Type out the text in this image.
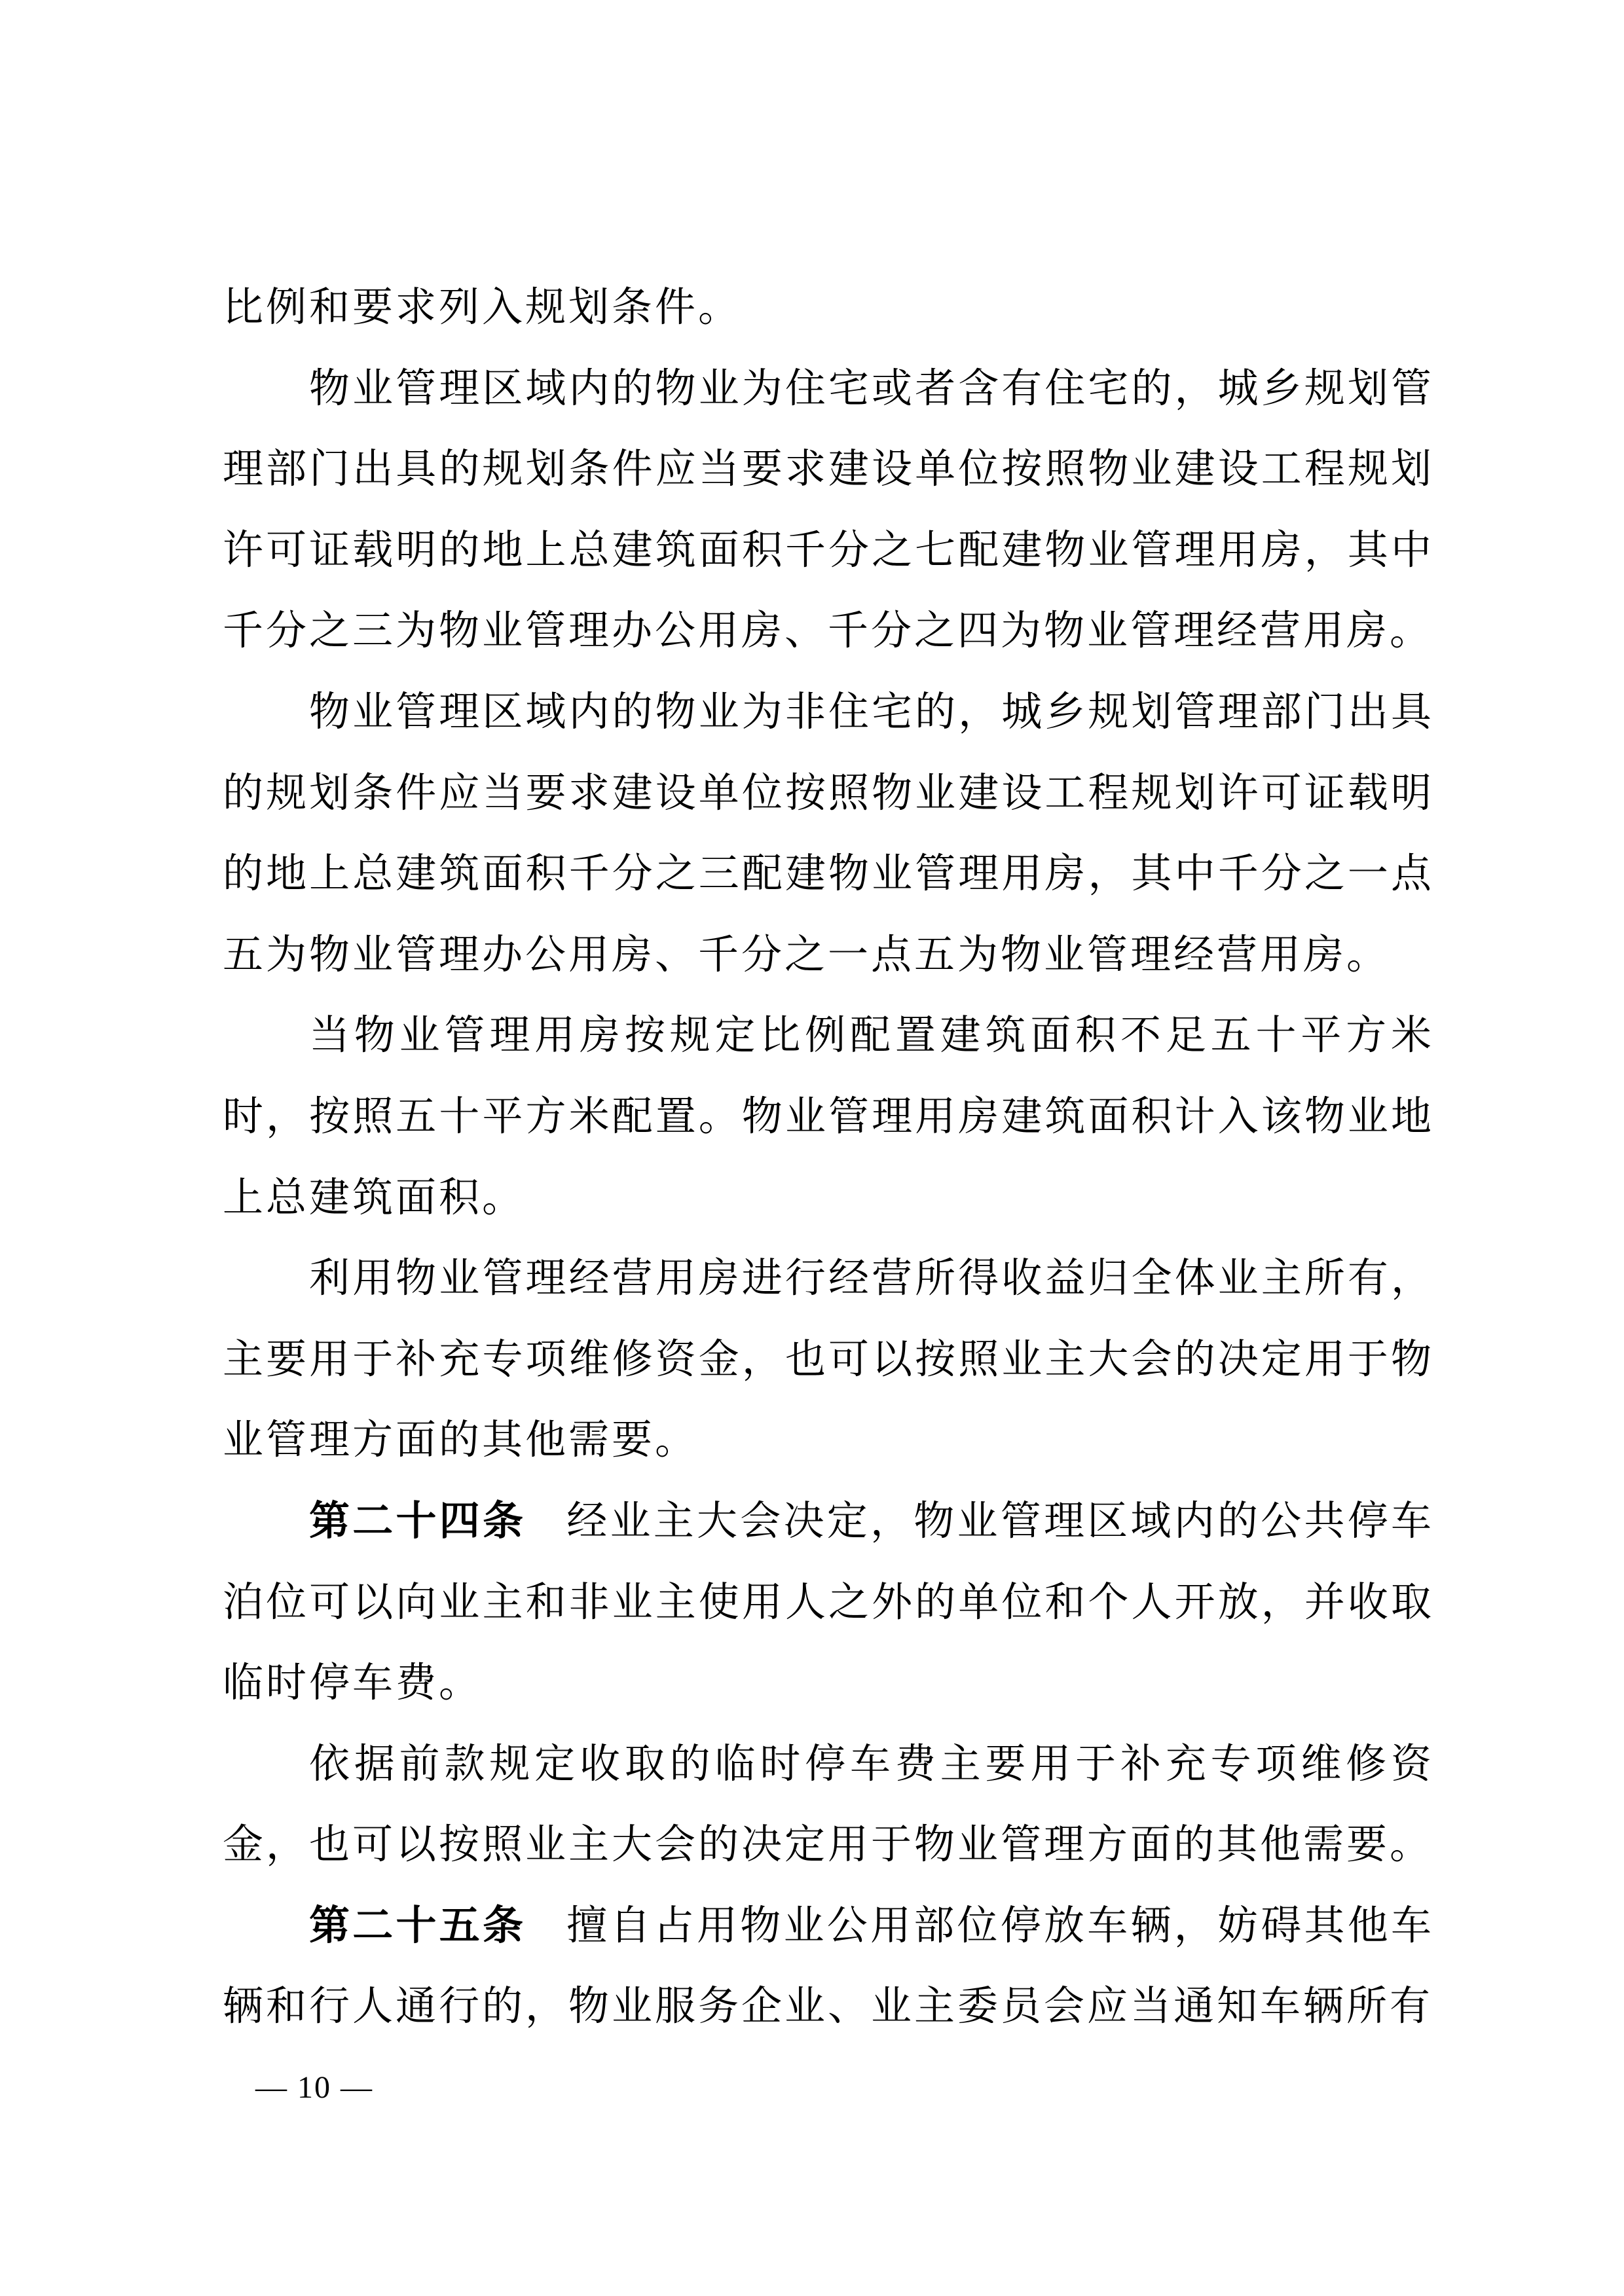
比例和要求列入规划条件。

物业管理区域内的物业为住宅或者含有住宅的，城乡规划管理部门出具的规划条件应当要求建设单位按照物业建设工程规划许可证载明的地上总建筑面积千分之七配建物业管理用房，其中千分之三为物业管理办公用房、千分之四为物业管理经营用房。

物业管理区域内的物业为非住宅的，城乡规划管理部门出具的规划条件应当要求建设单位按照物业建设工程规划许可证载明的地上总建筑面积千分之三配建物业管理用房，其中千分之一点五为物业管理办公用房、千分之一点五为物业管理经营用房。

当物业管理用房按规定比例配置建筑面积不足五十平方米时，按照五十平方米配置。物业管理用房建筑面积计入该物业地上总建筑面积。

利用物业管理经营用房进行经营所得收益归全体业主所有，主要用于补充专项维修资金，也可以按照业主大会的决定用于物业管理方面的其他需要。

第二十四条 经业主大会决定，物业管理区域内的公共停车泊位可以向业主和非业主使用人之外的单位和个人开放，并收取临时停车费。

依据前款规定收取的临时停车费主要用于补充专项维修资金，也可以按照业主大会的决定用于物业管理方面的其他需要。

第二十五条 擅自占用物业公用部位停放车辆，妨碍其他车辆和行人通行的，物业服务企业、业主委员会应当通知车辆所有

— 10 —
